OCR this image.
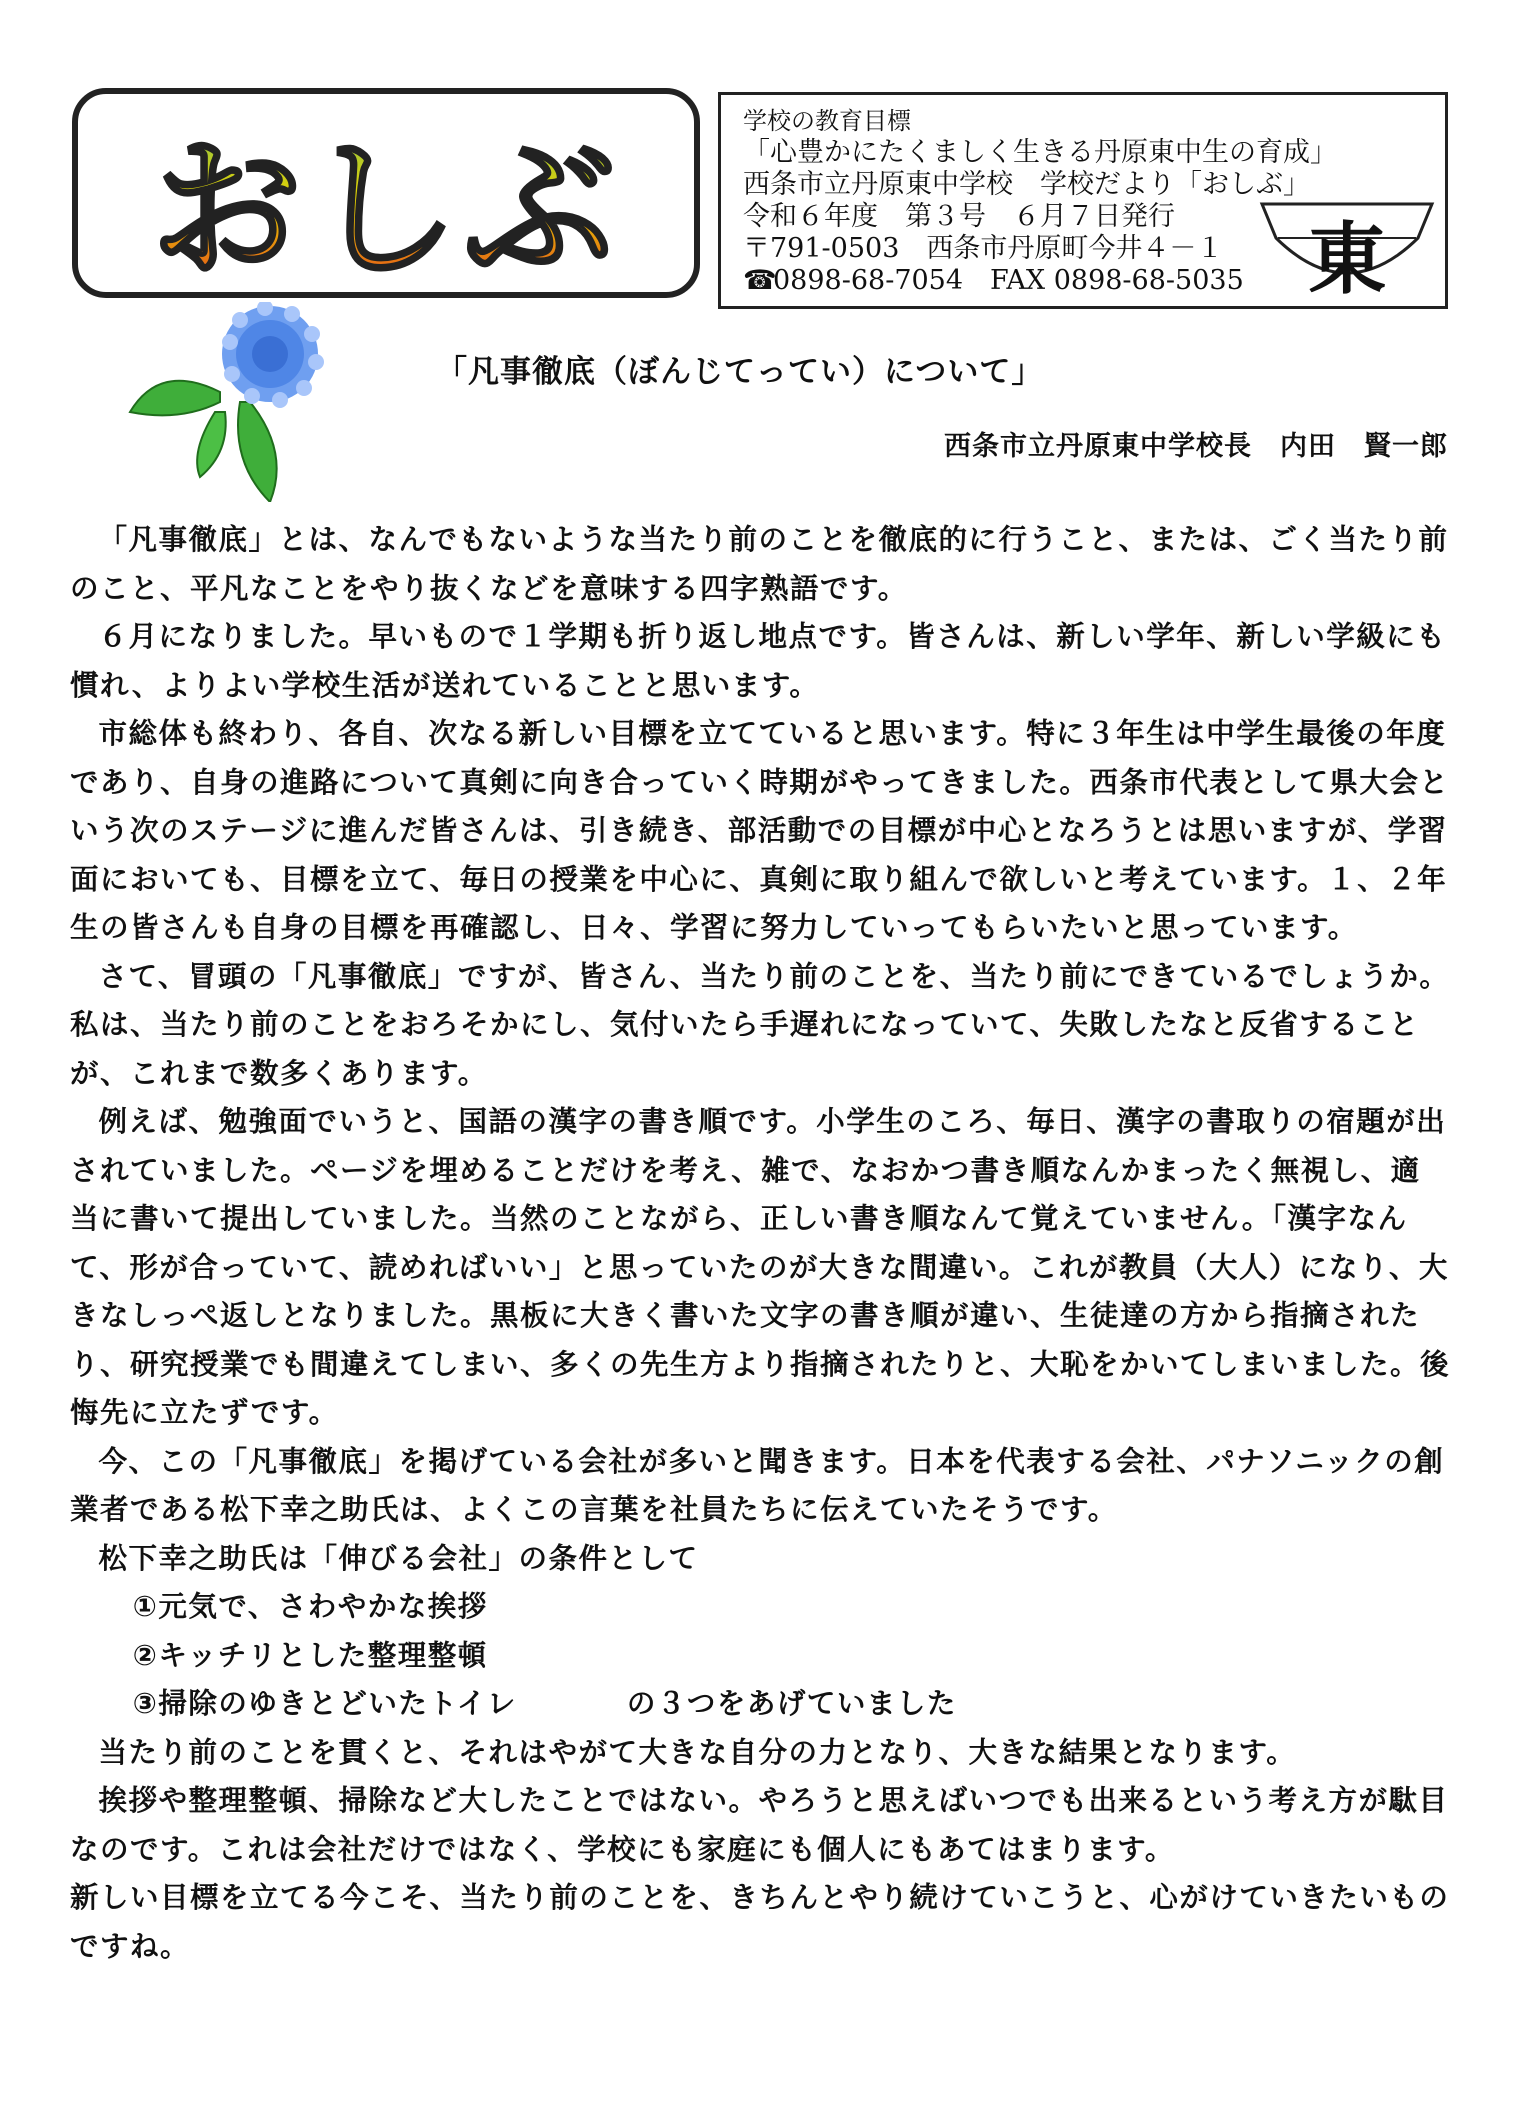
おしぶ
学校の教育目標
「心豊かにたくましく生きる丹原東中生の育成」
西条市立丹原東中学校　学校だより「おしぶ」
令和６年度　第３号　６月７日発行
〒791-0503　西条市丹原町今井４－１
☎0898-68-7054　FAX 0898-68-5035 東
「凡事徹底（ぼんじてってい）について」
西条市立丹原東中学校長　内田　賢一郎

「凡事徹底」とは、なんでもないような当たり前のことを徹底的に行うこと、または、ごく当たり前のこと、平凡なことをやり抜くなどを意味する四字熟語です。

６月になりました。早いもので１学期も折り返し地点です。皆さんは、新しい学年、新しい学級にも慣れ、よりよい学校生活が送れていることと思います。

市総体も終わり、各自、次なる新しい目標を立てていると思います。特に３年生は中学生最後の年度であり、自身の進路について真剣に向き合っていく時期がやってきました。西条市代表として県大会という次のステージに進んだ皆さんは、引き続き、部活動での目標が中心となろうとは思いますが、学習面においても、目標を立て、毎日の授業を中心に、真剣に取り組んで欲しいと考えています。１、２年生の皆さんも自身の目標を再確認し、日々、学習に努力していってもらいたいと思っています。

さて、冒頭の「凡事徹底」ですが、皆さん、当たり前のことを、当たり前にできているでしょうか。私は、当たり前のことをおろそかにし、気付いたら手遅れになっていて、失敗したなと反省することが、これまで数多くあります。

例えば、勉強面でいうと、国語の漢字の書き順です。小学生のころ、毎日、漢字の書取りの宿題が出されていました。ページを埋めることだけを考え、雑で、なおかつ書き順なんかまったく無視し、適当に書いて提出していました。当然のことながら、正しい書き順なんて覚えていません。「漢字なんて、形が合っていて、読めればいい」と思っていたのが大きな間違い。これが教員（大人）になり、大きなしっぺ返しとなりました。黒板に大きく書いた文字の書き順が違い、生徒達の方から指摘されたり、研究授業でも間違えてしまい、多くの先生方より指摘されたりと、大恥をかいてしまいました。後悔先に立たずです。

今、この「凡事徹底」を掲げている会社が多いと聞きます。日本を代表する会社、パナソニックの創業者である松下幸之助氏は、よくこの言葉を社員たちに伝えていたそうです。

松下幸之助氏は「伸びる会社」の条件として

①元気で、さわやかな挨拶

②キッチリとした整理整頓

③掃除のゆきとどいたトイレ	の３つをあげていました

当たり前のことを貫くと、それはやがて大きな自分の力となり、大きな結果となります。

挨拶や整理整頓、掃除など大したことではない。やろうと思えばいつでも出来るという考え方が駄目なのです。これは会社だけではなく、学校にも家庭にも個人にもあてはまります。

新しい目標を立てる今こそ、当たり前のことを、きちんとやり続けていこうと、心がけていきたいものですね。
